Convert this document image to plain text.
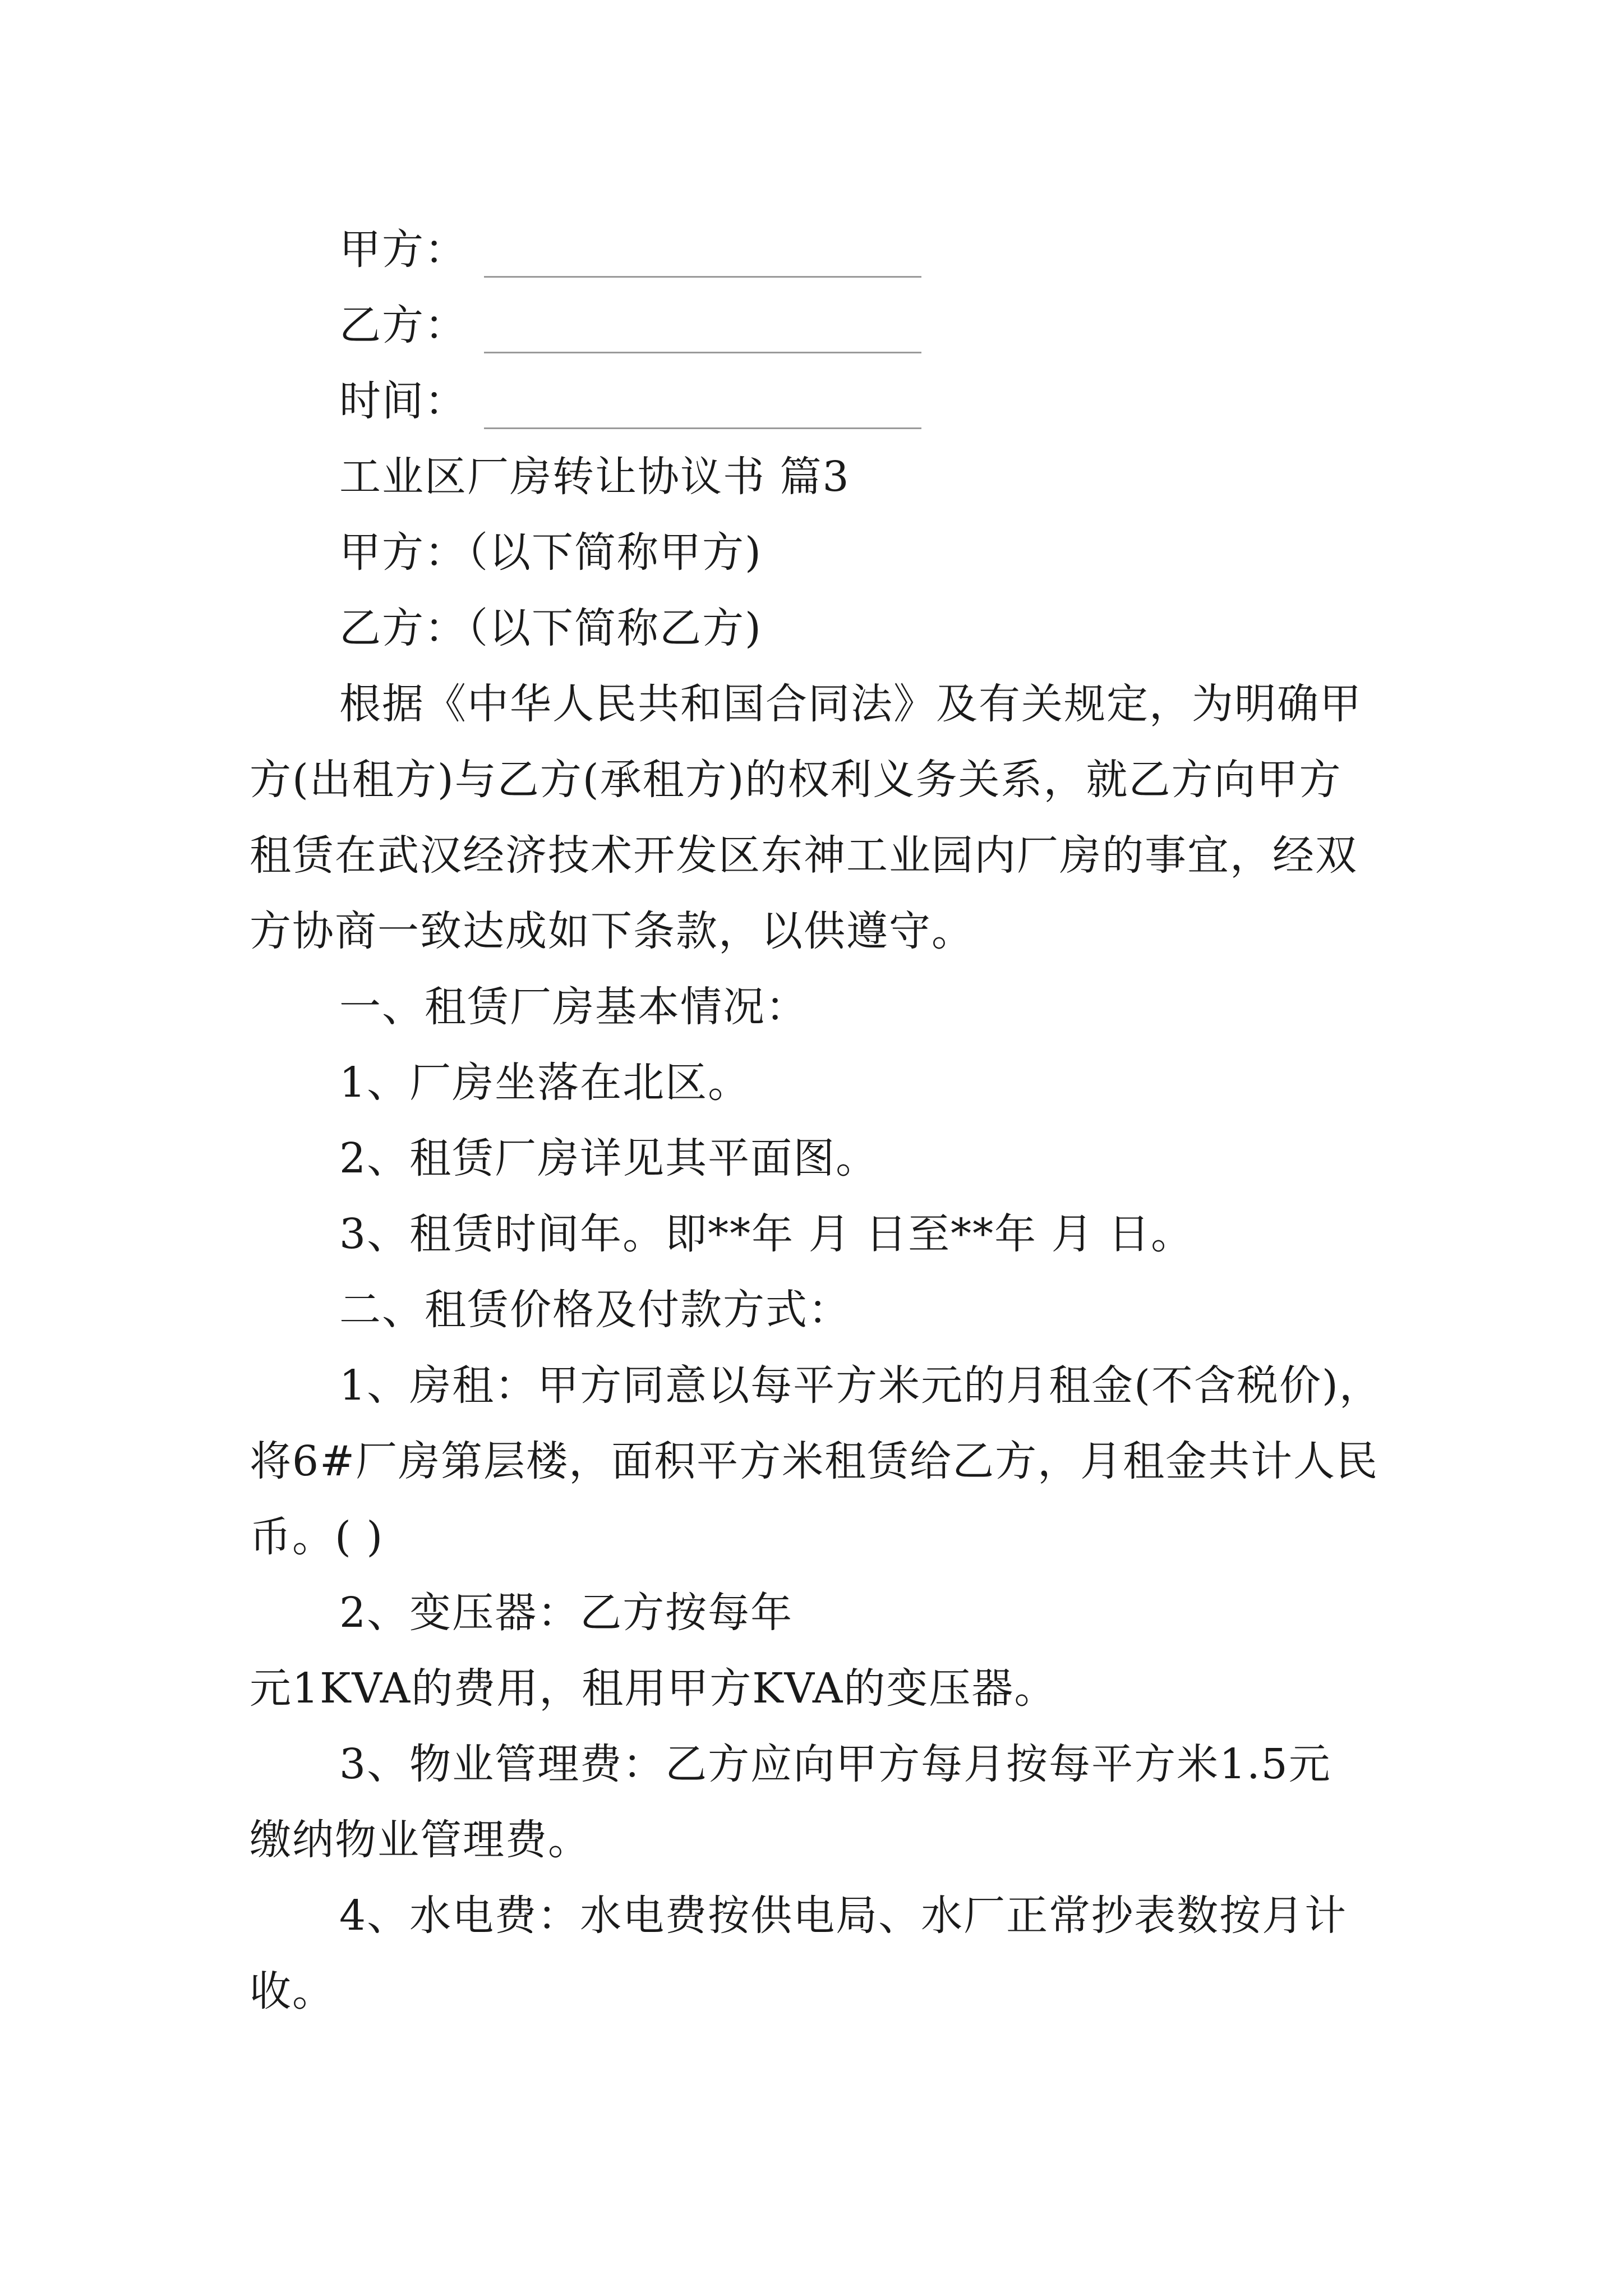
甲方：
乙方：
时间：
工业区厂房转让协议书 篇3
甲方：（以下简称甲方)
乙方：（以下简称乙方)
根据《中华人民共和国合同法》及有关规定，为明确甲
方(出租方)与乙方(承租方)的权利义务关系，就乙方向甲方
租赁在武汉经济技术开发区东神工业园内厂房的事宜，经双
方协商一致达成如下条款，以供遵守。
一、租赁厂房基本情况：
1、厂房坐落在北区。
2、租赁厂房详见其平面图。
3、租赁时间年。即**年 月 日至**年 月 日。
二、租赁价格及付款方式：
1、房租：甲方同意以每平方米元的月租金(不含税价)，
将6#厂房第层楼，面积平方米租赁给乙方，月租金共计人民
币。( )
2、变压器：乙方按每年
元1KVA的费用，租用甲方KVA的变压器。
3、物业管理费：乙方应向甲方每月按每平方米1.5元
缴纳物业管理费。
4、水电费：水电费按供电局、水厂正常抄表数按月计
收。
